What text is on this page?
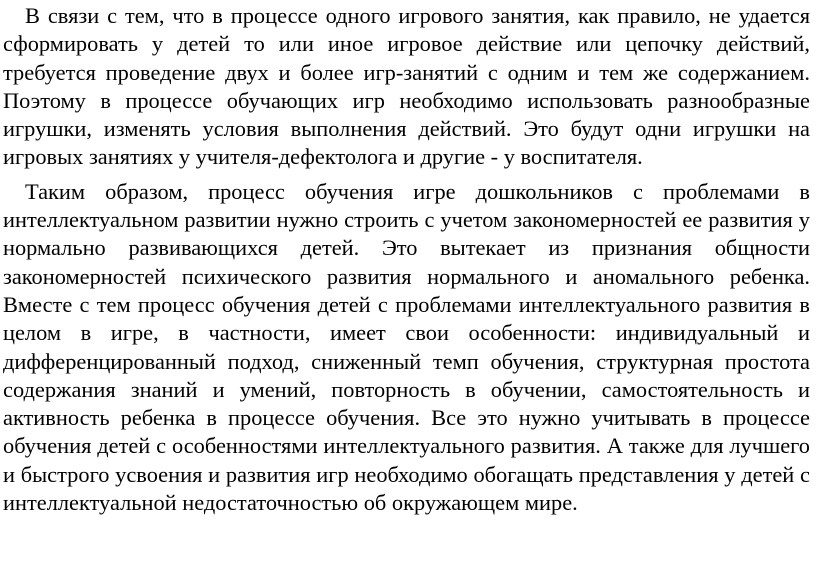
В связи с тем, что в процессе одного игрового занятия, как правило, не удается сформировать у детей то или иное игровое действие или цепочку действий, требуется проведение двух и более игр-занятий с одним и тем же содержанием. Поэтому в процессе обучающих игр необходимо использовать разнообразные игрушки, изменять условия выполнения действий. Это будут одни игрушки на игровых занятиях у учителя-дефектолога и другие - у воспитателя.

Таким образом, процесс обучения игре дошкольников с проблемами в интеллектуальном развитии нужно строить с учетом закономерностей ее развития у нормально развивающихся детей. Это вытекает из признания общности закономерностей психического развития нормального и аномального ребенка. Вместе с тем процесс обучения детей с проблемами интеллектуального развития в целом в игре, в частности, имеет свои особенности: индивидуальный и дифференцированный подход, сниженный темп обучения, структурная простота содержания знаний и умений, повторность в обучении, самостоятельность и активность ребенка в процессе обучения. Все это нужно учитывать в процессе обучения детей с особенностями интеллектуального развития. А также для лучшего и быстрого усвоения и развития игр необходимо обогащать представления у детей с интеллектуальной недостаточностью об окружающем мире.
